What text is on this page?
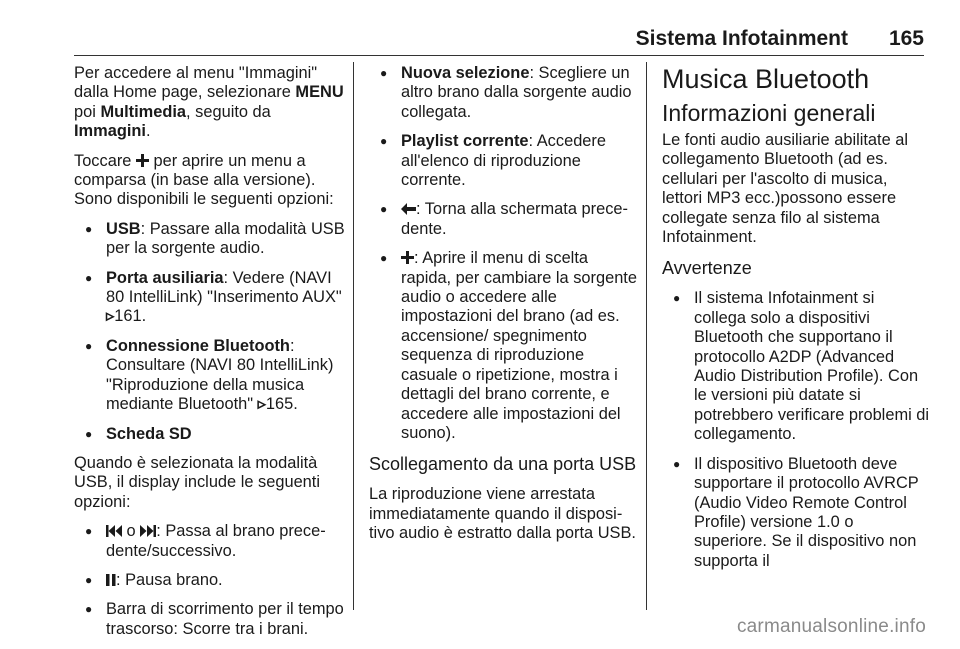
Sistema Infotainment 165

Per accedere al menu "Immagini" dalla Home page, selezionare MENU poi Multimedia, seguito da Immagini.

Toccare  per aprire un menu a comparsa (in base alla versione). Sono disponibili le seguenti opzioni:

● USB: Passare alla modalità USB per la sorgente audio.
● Porta ausiliaria: Vedere (NAVI 80 IntelliLink) "Inserimento AUX" ▹161.
● Connessione Bluetooth: Consultare (NAVI 80 IntelliLink) "Riproduzione della musica mediante Bluetooth" ▹165.
● Scheda SD

Quando è selezionata la modalità USB, il display include le seguenti opzioni:

● o : Passa al brano precedente/successivo.
● : Pausa brano.
● Barra di scorrimento per il tempo trascorso: Scorre tra i brani.
● Nuova selezione: Scegliere un altro brano dalla sorgente audio collegata.
● Playlist corrente: Accedere all'elenco di riproduzione corrente.
● : Torna alla schermata precedente.
● : Aprire il menu di scelta rapida, per cambiare la sorgente audio o accedere alle impostazioni del brano (ad es. accensione/ spegnimento sequenza di riproduzione casuale o ripetizione, mostra i dettagli del brano corrente, e accedere alle impostazioni del suono).
Scollegamento da una porta USB

La riproduzione viene arrestata immediatamente quando il dispositivo audio è estratto dalla porta USB.

Musica Bluetooth
Informazioni generali

Le fonti audio ausiliarie abilitate al collegamento Bluetooth (ad es. cellulari per l'ascolto di musica, lettori MP3 ecc.)possono essere collegate senza filo al sistema Infotainment.

Avvertenze
● Il sistema Infotainment si collega solo a dispositivi Bluetooth che supportano il protocollo A2DP (Advanced Audio Distribution Profile). Con le versioni più datate si potrebbero verificare problemi di collegamento.
● Il dispositivo Bluetooth deve supportare il protocollo AVRCP (Audio Video Remote Control Profile) versione 1.0 o superiore. Se il dispositivo non supporta il
carmanualsonline.info
